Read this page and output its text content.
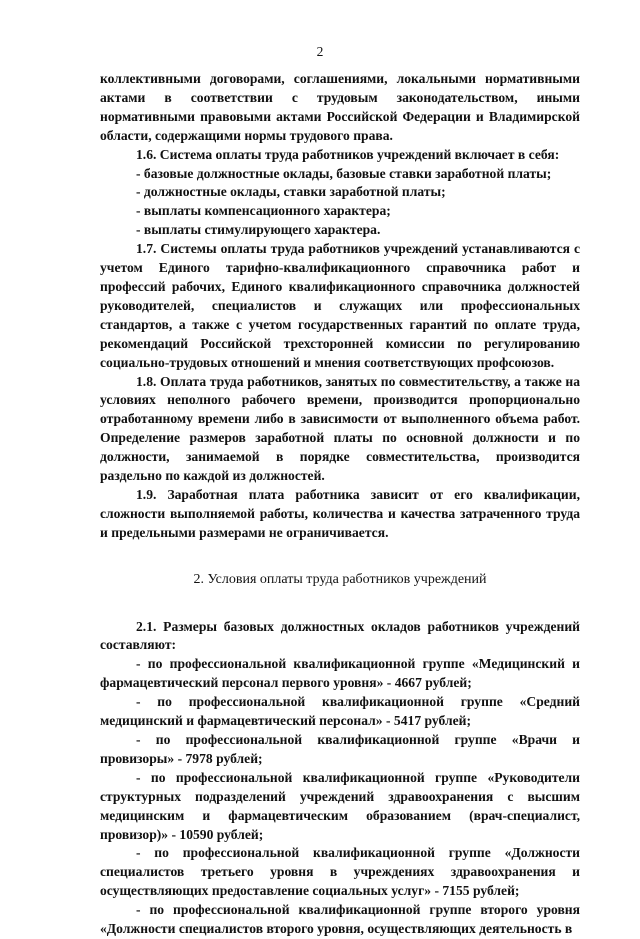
2

коллективными договорами, соглашениями, локальными нормативными актами в соответствии с трудовым законодательством, иными нормативными правовыми актами Российской Федерации и Владимирской области, содержащими нормы трудового права.

1.6. Система оплаты труда работников учреждений включает в себя:

- базовые должностные оклады, базовые ставки заработной платы;

- должностные оклады, ставки заработной платы;

- выплаты компенсационного характера;

- выплаты стимулирующего характера.

1.7. Системы оплаты труда работников учреждений устанавливаются с учетом Единого тарифно-квалификационного справочника работ и профессий рабочих, Единого квалификационного справочника должностей руководителей, специалистов и служащих или профессиональных стандартов, а также с учетом государственных гарантий по оплате труда, рекомендаций Российской трехсторонней комиссии по регулированию социально-трудовых отношений и мнения соответствующих профсоюзов.

1.8. Оплата труда работников, занятых по совместительству, а также на условиях неполного рабочего времени, производится пропорционально отработанному времени либо в зависимости от выполненного объема работ. Определение размеров заработной платы по основной должности и по должности, занимаемой в порядке совместительства, производится раздельно по каждой из должностей.

1.9. Заработная плата работника зависит от его квалификации, сложности выполняемой работы, количества и качества затраченного труда и предельными размерами не ограничивается.

2. Условия оплаты труда работников учреждений

2.1. Размеры базовых должностных окладов работников учреждений составляют:

- по профессиональной квалификационной группе «Медицинский и фармацевтический персонал первого уровня» - 4667 рублей;

- по профессиональной квалификационной группе «Средний медицинский и фармацевтический персонал» - 5417 рублей;

- по профессиональной квалификационной группе «Врачи и провизоры» - 7978 рублей;

- по профессиональной квалификационной группе «Руководители структурных подразделений учреждений здравоохранения с высшим медицинским и фармацевтическим образованием (врач-специалист, провизор)» - 10590 рублей;

- по профессиональной квалификационной группе «Должности специалистов третьего уровня в учреждениях здравоохранения и осуществляющих предоставление социальных услуг» - 7155 рублей;

- по профессиональной квалификационной группе второго уровня «Должности специалистов второго уровня, осуществляющих деятельность в
